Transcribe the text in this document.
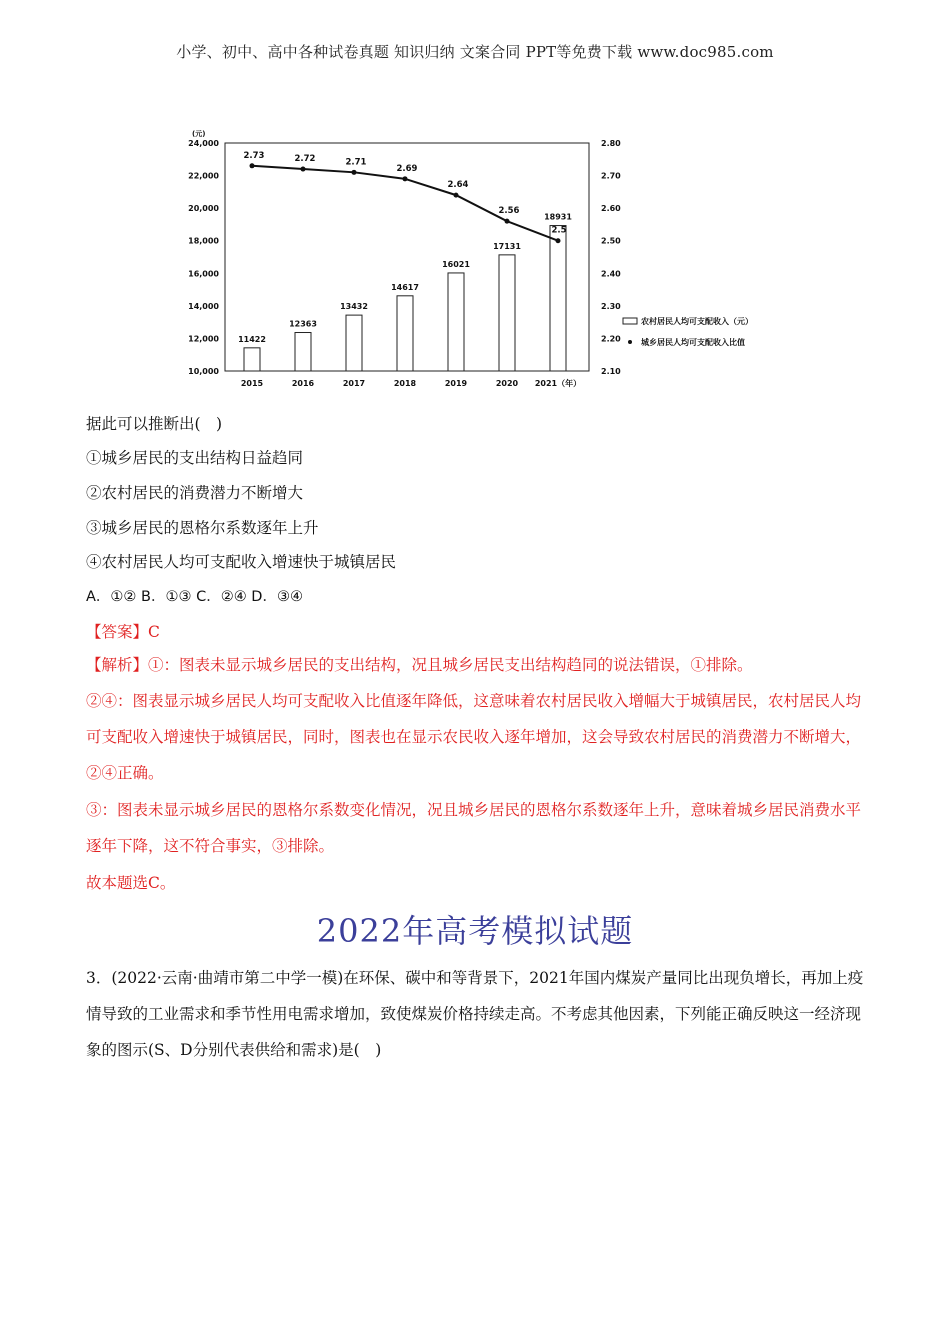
小学、初中、高中各种试卷真题 知识归纳 文案合同 PPT等免费下载 www.doc985.com
(元)
24,000
22,000
20,000
18,000
16,000
14,000
12,000
10,000
2.80
2.70
2.60
2.50
2.40
2.30
2.20
2.10
11422
12363
13432
14617
16021
17131
18931
2015	2016	2017	2018	2019	2020 2021（年）
2.73	2.72	2.71
2.69
2.64
2.56
2.5
农村居民人均可支配收入（元）
城乡居民人均可支配收入比值
据此可以推断出(　)
①城乡居民的支出结构日益趋同
②农村居民的消费潜力不断增大
③城乡居民的恩格尔系数逐年上升
④农村居民人均可支配收入增速快于城镇居民
A．①② B．①③ C．②④ D．③④
【答案】C
【解析】①：图表未显示城乡居民的支出结构，况且城乡居民支出结构趋同的说法错误，①排除。
②④：图表显示城乡居民人均可支配收入比值逐年降低，这意味着农村居民收入增幅大于城镇居民，农村居民人均可支配收入增速快于城镇居民，同时，图表也在显示农民收入逐年增加，这会导致农村居民的消费潜力不断增大，②④正确。
③：图表未显示城乡居民的恩格尔系数变化情况，况且城乡居民的恩格尔系数逐年上升，意味着城乡居民消费水平逐年下降，这不符合事实，③排除。
故本题选C。
2022年高考模拟试题
3．(2022·云南·曲靖市第二中学一模)在环保、碳中和等背景下，2021年国内煤炭产量同比出现负增长，再加上疫情导致的工业需求和季节性用电需求增加，致使煤炭价格持续走高。不考虑其他因素，下列能正确反映这一经济现象的图示(S、D分别代表供给和需求)是(　)
